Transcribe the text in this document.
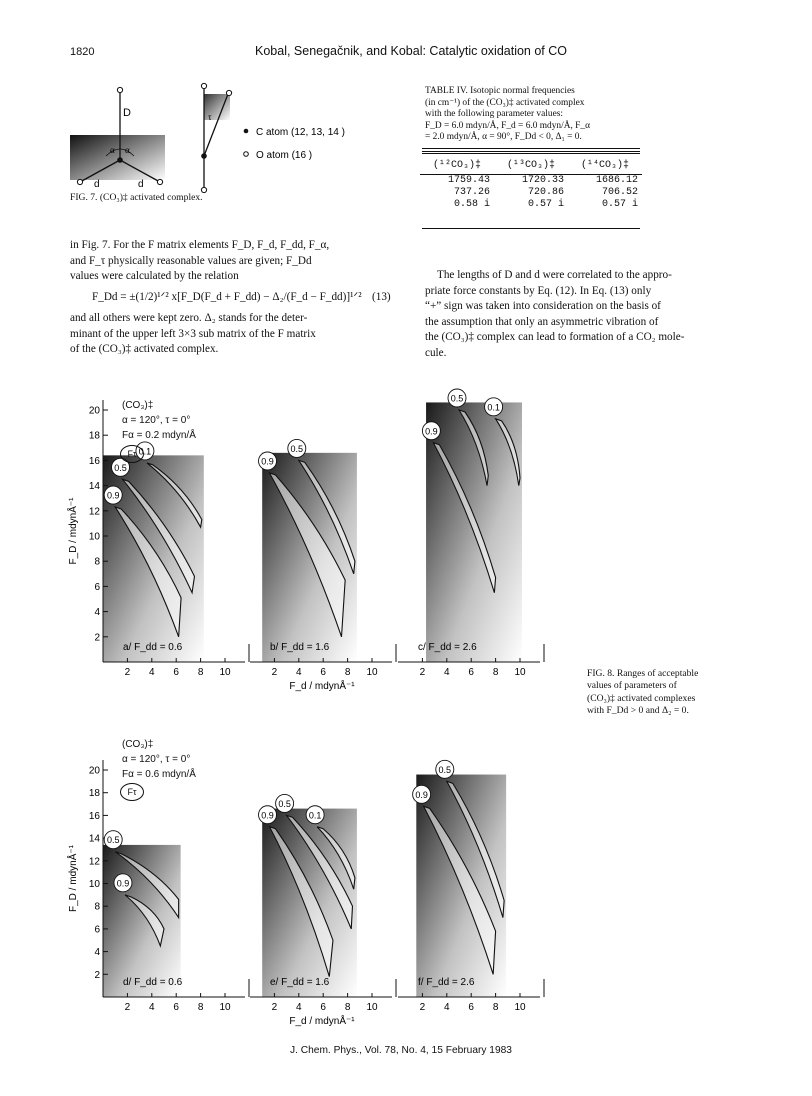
1820	Kobal, Senegačnik, and Kobal: Catalytic oxidation of CO
D
d	d
α α
τ
C atom (12, 13, 14 )
O atom (16 )
FIG. 7. (CO₃)‡ activated complex.
TABLE IV. Isotopic normal frequencies
(in cm⁻¹) of the (CO₃)‡ activated complex
with the following parameter values:
F_D = 6.0 mdyn/Å, F_d = 6.0 mdyn/Å, F_α
= 2.0 mdyn/Å, α = 90°, F_Dd < 0, Δ₁ = 0.
(¹²CO₃)‡	(¹³CO₃)‡	(¹⁴CO₃)‡
1759.43	1720.33	1686.12
737.26	720.86	706.52
0.58 i	0.57 i	0.57 i
in Fig. 7. For the F matrix elements F_D, F_d, F_dd, F_α,
and F_τ physically reasonable values are given; F_Dd
values were calculated by the relation
F_Dd = ±(1/2)¹ᐟ² x[F_D(F_d + F_dd) − Δ₂/(F_d − F_dd)]¹ᐟ² (13)
and all others were kept zero. Δ₂ stands for the deter-
minant of the upper left 3×3 sub matrix of the F matrix
of the (CO₃)‡ activated complex.
The lengths of D and d were correlated to the appro-
priate force constants by Eq. (12). In Eq. (13) only
“+” sign was taken into consideration on the basis of
the assumption that only an asymmetric vibration of
the (CO₃)‡ complex can lead to formation of a CO₂ mole-
cule.
0.9
0.5
0.1
2 4 6 8 10
2
4
6
8
10
12
14
16
18
20
a/ F_dd = 0.6
0.9
0.5
2 4 6 8 10
b/ F_dd = 1.6
0.9
0.5
0.1
2 4 6 8 10
c/ F_dd = 2.6
0.9
0.5
2 4 6 8 10
2
4
6
8
10
12
14
16
18
20
d/ F_dd = 0.6
0.9
0.5
0.1
2 4 6 8 10
e/ F_dd = 1.6
0.9
0.5
2 4 6 8 10
f/ F_dd = 2.6
F_D / mdynÅ⁻¹
F_d / mdynÅ⁻¹
F_D / mdynÅ⁻¹
F_d / mdynÅ⁻¹
(CO₃)‡
α = 120°, τ = 0°
Fα = 0.2 mdyn/Å
Fτ
(CO₃)‡
α = 120°, τ = 0°
Fα = 0.6 mdyn/Å
Fτ
FIG. 8. Ranges of acceptable
values of parameters of
(CO₃)‡ activated complexes
with F_Dd > 0 and Δ₂ = 0.
J. Chem. Phys., Vol. 78, No. 4, 15 February 1983
